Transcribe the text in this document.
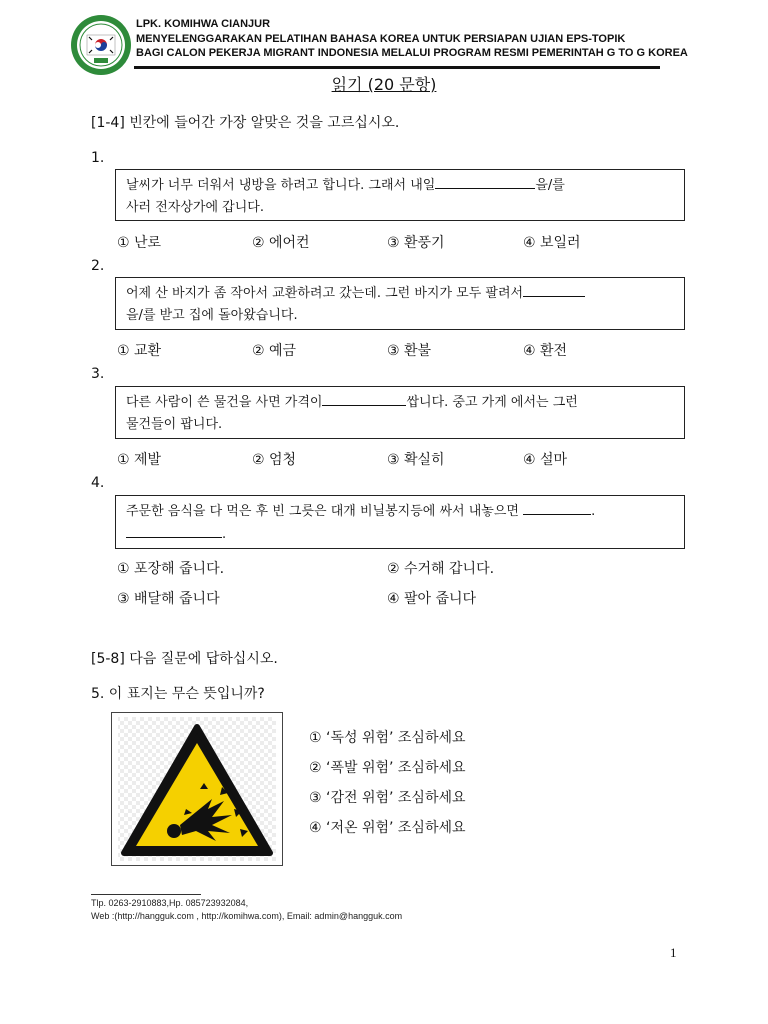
LPK. KOMIHWA CIANJUR
MENYELENGGARAKAN PELATIHAN BAHASA KOREA UNTUK PERSIAPAN UJIAN EPS-TOPIK
BAGI CALON PEKERJA MIGRANT INDONESIA MELALUI PROGRAM RESMI PEMERINTAH G TO G KOREA
읽기 (20 문항)
[1-4] 빈칸에 들어간 가장 알맞은 것을 고르십시오.
1.
날씨가 너무 더워서 냉방을 하려고 합니다. 그래서 내일	을/를
사러 전자상가에 갑니다.
① 난로	② 에어컨	③ 환풍기	④ 보일러
2.
어제 산 바지가 좀 작아서 교환하려고 갔는데. 그런 바지가 모두 팔려서
을/를 받고 집에 돌아왔습니다.
① 교환	② 예금	③ 환불	④ 환전
3.
다른 사람이 쓴 물건을 사면 가격이	쌉니다. 중고 가게 에서는 그런
물건들이 팝니다.
① 제발	② 엄청	③ 확실히	④ 설마
4.
주문한 음식을 다 먹은 후 빈 그릇은 대개 비닐봉지등에 싸서 내놓으면	.
.
① 포장해 줍니다.	② 수거해 갑니다.
③ 배달해 줍니다	④ 팔아 줍니다
[5-8] 다음 질문에 답하십시오.
5. 이 표지는 무슨 뜻입니까?
① ‘독성 위험’ 조심하세요
② ‘폭발 위험’ 조심하세요
③ ‘감전 위험’ 조심하세요
④ ‘저온 위험’ 조심하세요
Tlp. 0263-2910883,Hp. 085723932084,
Web :(http://hangguk.com , http://komihwa.com), Email: admin@hangguk.com
1
